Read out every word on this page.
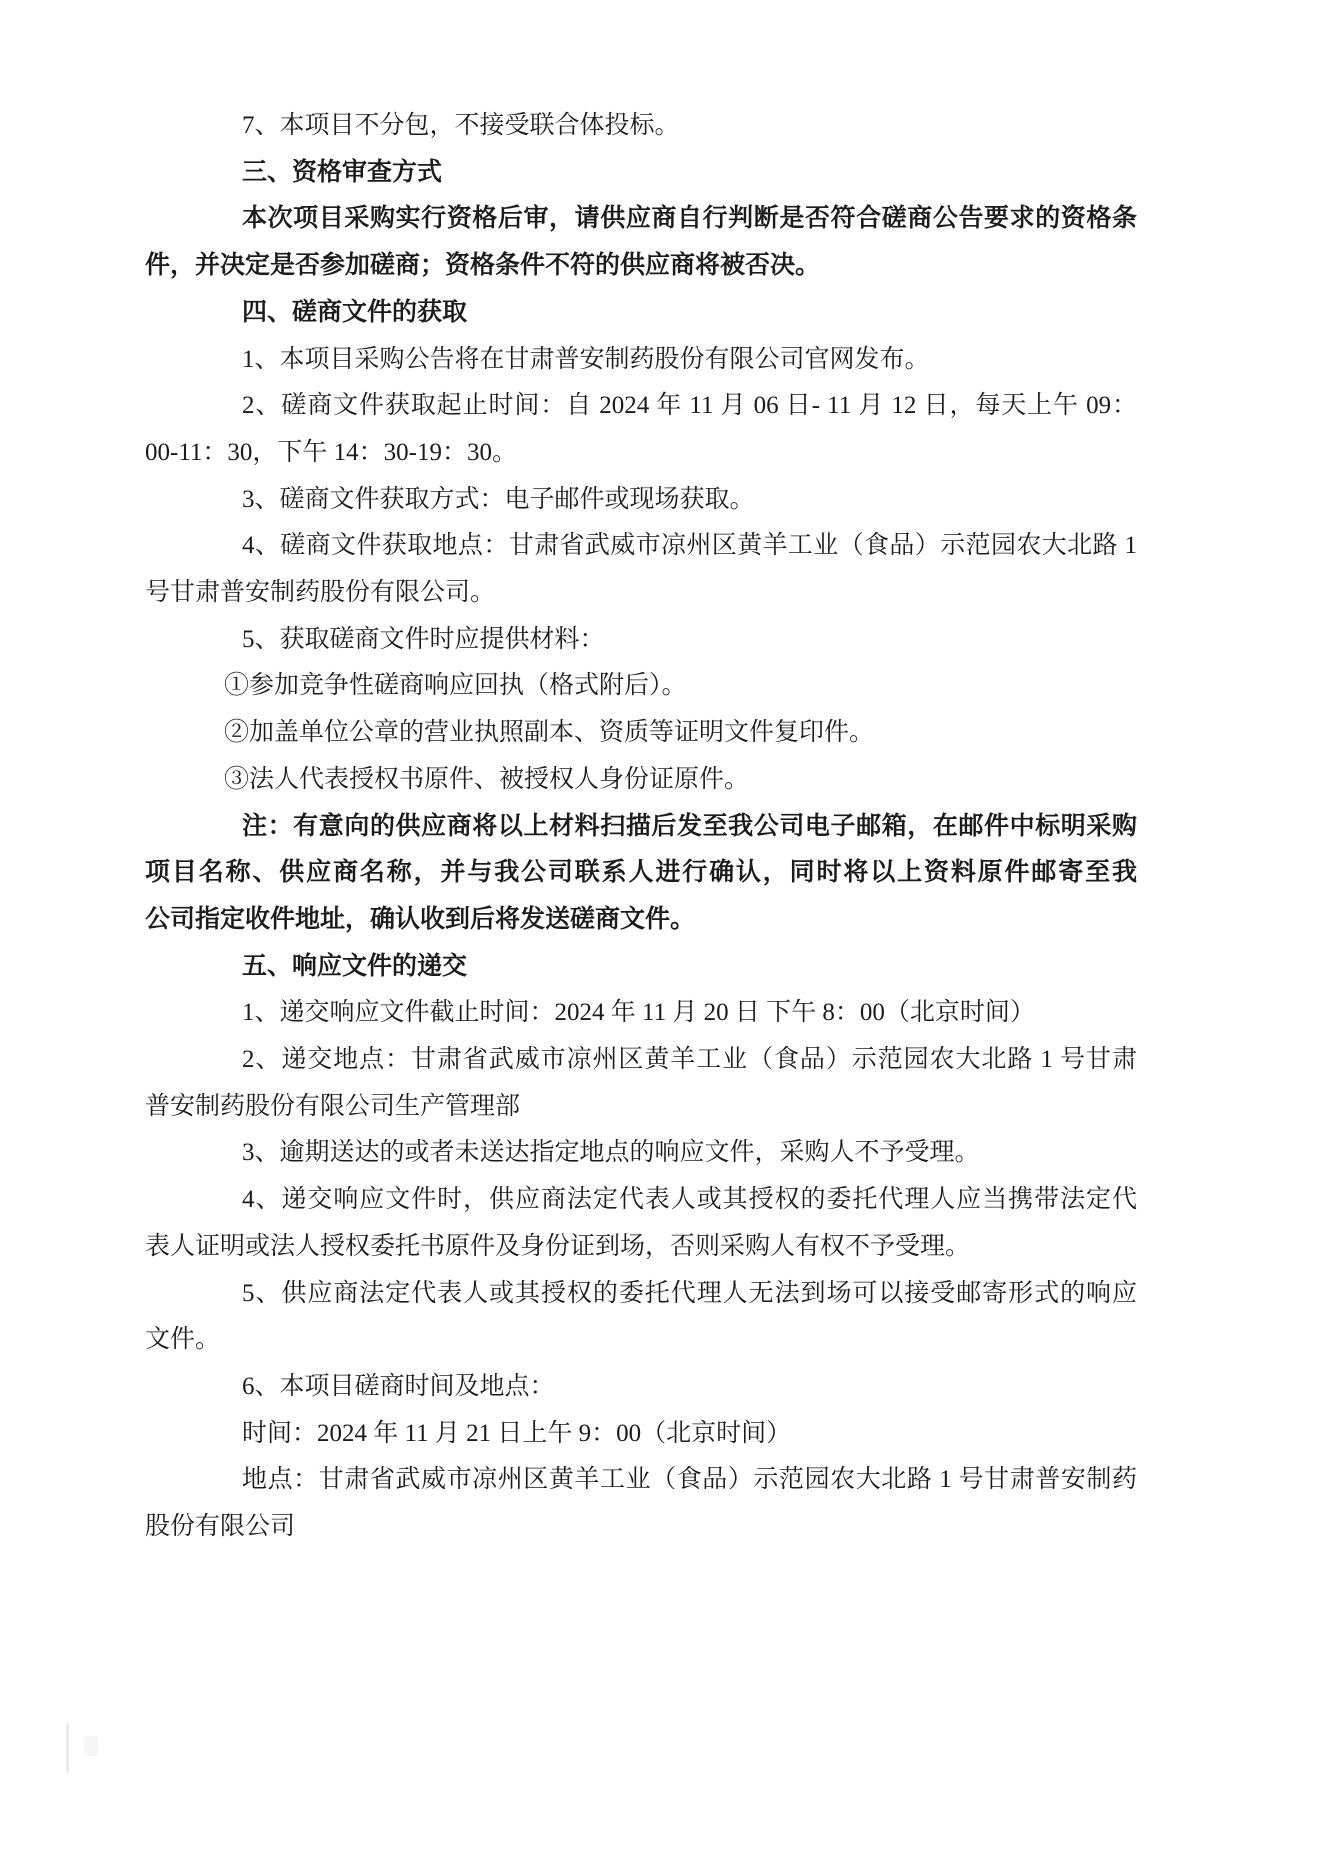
7、本项目不分包，不接受联合体投标。
三、资格审查方式
本次项目采购实行资格后审，请供应商自行判断是否符合磋商公告要求的资格条
件，并决定是否参加磋商；资格条件不符的供应商将被否决。
四、磋商文件的获取
1、本项目采购公告将在甘肃普安制药股份有限公司官网发布。
2、磋商文件获取起止时间：自 2024 年 11 月 06 日- 11 月 12 日，每天上午 09：
00-11：30，下午 14：30-19：30。
3、磋商文件获取方式：电子邮件或现场获取。
4、磋商文件获取地点：甘肃省武威市凉州区黄羊工业（食品）示范园农大北路 1
号甘肃普安制药股份有限公司。
5、获取磋商文件时应提供材料：
①参加竞争性磋商响应回执（格式附后）。
②加盖单位公章的营业执照副本、资质等证明文件复印件。
③法人代表授权书原件、被授权人身份证原件。
注：有意向的供应商将以上材料扫描后发至我公司电子邮箱，在邮件中标明采购
项目名称、供应商名称，并与我公司联系人进行确认，同时将以上资料原件邮寄至我
公司指定收件地址，确认收到后将发送磋商文件。
五、响应文件的递交
1、递交响应文件截止时间：2024 年 11 月 20 日 下午 8：00（北京时间）
2、递交地点：甘肃省武威市凉州区黄羊工业（食品）示范园农大北路 1 号甘肃
普安制药股份有限公司生产管理部
3、逾期送达的或者未送达指定地点的响应文件，采购人不予受理。
4、递交响应文件时，供应商法定代表人或其授权的委托代理人应当携带法定代
表人证明或法人授权委托书原件及身份证到场，否则采购人有权不予受理。
5、供应商法定代表人或其授权的委托代理人无法到场可以接受邮寄形式的响应
文件。
6、本项目磋商时间及地点：
时间：2024 年 11 月 21 日上午 9：00（北京时间）
地点：甘肃省武威市凉州区黄羊工业（食品）示范园农大北路 1 号甘肃普安制药
股份有限公司
